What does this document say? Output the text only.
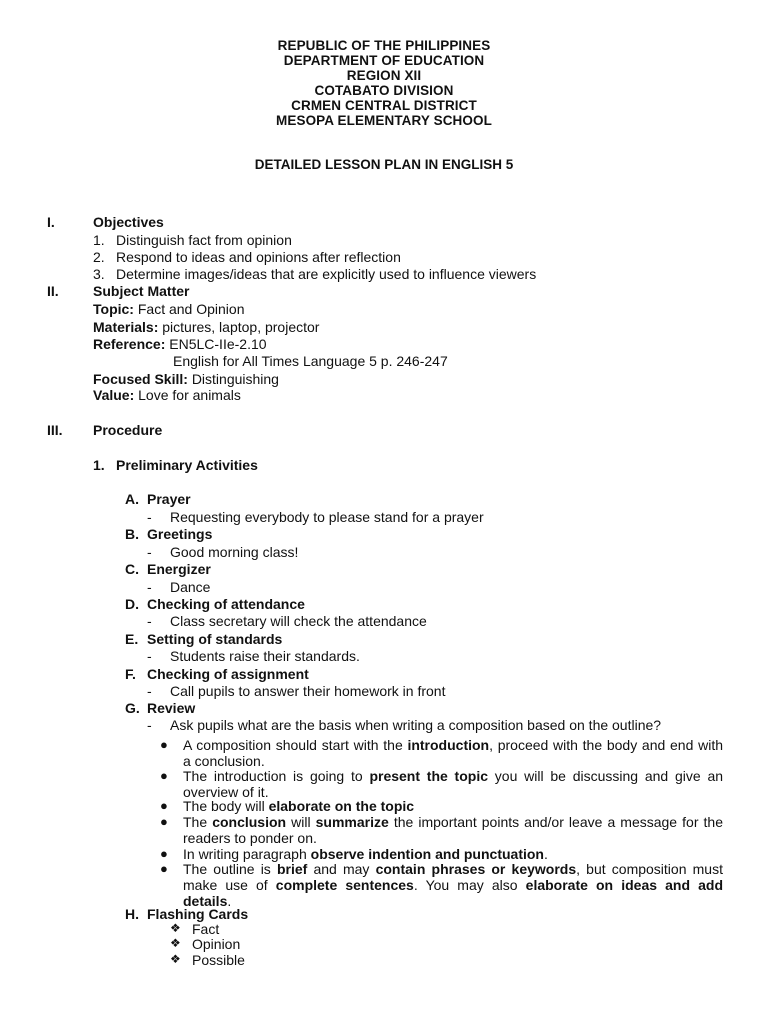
REPUBLIC OF THE PHILIPPINES
DEPARTMENT OF EDUCATION
REGION XII
COTABATO DIVISION
CRMEN CENTRAL DISTRICT
MESOPA ELEMENTARY SCHOOL
DETAILED LESSON PLAN IN ENGLISH 5
I.	Objectives
1. Distinguish fact from opinion
2. Respond to ideas and opinions after reflection
3. Determine images/ideas that are explicitly used to influence viewers
II. Subject Matter
Topic: Fact and Opinion
Materials: pictures, laptop, projector
Reference: EN5LC-IIe-2.10
English for All Times Language 5 p. 246-247
Focused Skill: Distinguishing
Value: Love for animals
III. Procedure
1. Preliminary Activities
A. Prayer
- Requesting everybody to please stand for a prayer
B. Greetings
- Good morning class!
C. Energizer
- Dance
D. Checking of attendance
- Class secretary will check the attendance
E. Setting of standards
- Students raise their standards.
F. Checking of assignment
- Call pupils to answer their homework in front
G. Review
- Ask pupils what are the basis when writing a composition based on the outline?
● A composition should start with the introduction, proceed with the body and end with a conclusion.
● The introduction is going to present the topic you will be discussing and give an overview of it.
● The body will elaborate on the topic
● The conclusion will summarize the important points and/or leave a message for the readers to ponder on.
● In writing paragraph observe indention and punctuation.
● The outline is brief and may contain phrases or keywords, but composition must make use of complete sentences. You may also elaborate on ideas and add details.
H. Flashing Cards
❖ Fact
❖ Opinion
❖ Possible
